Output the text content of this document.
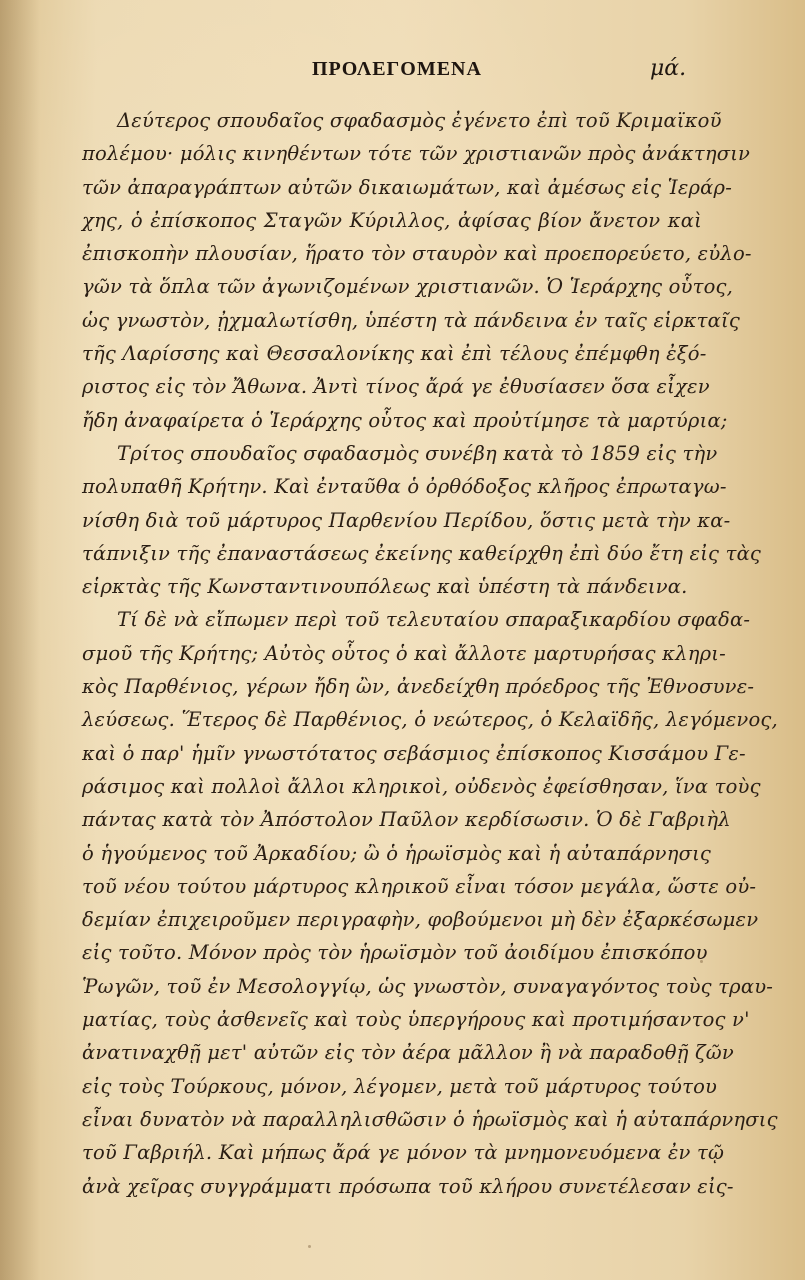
ΠΡΟΛΕΓΟΜΕΝΑ	μά.
Δεύτερος σπουδαῖος σφαδασμὸς ἐγένετο ἐπὶ τοῦ Κριμαϊκοῦ
πολέμου· μόλις κινηθέντων τότε τῶν χριστιανῶν πρὸς ἀνάκτησιν
τῶν ἀπαραγράπτων αὐτῶν δικαιωμάτων, καὶ ἀμέσως εἰς Ἱεράρ-
χης, ὁ ἐπίσκοπος Σταγῶν Κύριλλος, ἀφίσας βίον ἄνετον καὶ
ἐπισκοπὴν πλουσίαν, ἥρατο τὸν σταυρὸν καὶ προεπορεύετο, εὐλο-
γῶν τὰ ὅπλα τῶν ἀγωνιζομένων χριστιανῶν. Ὁ Ἱεράρχης οὗτος,
ὡς γνωστὸν, ᾐχμαλωτίσθη, ὑπέστη τὰ πάνδεινα ἐν ταῖς εἱρκταῖς
τῆς Λαρίσσης καὶ Θεσσαλονίκης καὶ ἐπὶ τέλους ἐπέμφθη ἐξό-
ριστος εἰς τὸν Ἄθωνα. Ἀντὶ τίνος ἄρά γε ἐθυσίασεν ὅσα εἶχεν
ἤδη ἀναφαίρετα ὁ Ἱεράρχης οὗτος καὶ προὐτίμησε τὰ μαρτύρια;
Τρίτος σπουδαῖος σφαδασμὸς συνέβη κατὰ τὸ 1859 εἰς τὴν
πολυπαθῆ Κρήτην. Καὶ ἐνταῦθα ὁ ὀρθόδοξος κλῆρος ἐπρωταγω-
νίσθη διὰ τοῦ μάρτυρος Παρθενίου Περίδου, ὅστις μετὰ τὴν κα-
τάπνιξιν τῆς ἐπαναστάσεως ἐκείνης καθείρχθη ἐπὶ δύο ἔτη εἰς τὰς
εἱρκτὰς τῆς Κωνσταντινουπόλεως καὶ ὑπέστη τὰ πάνδεινα.
Τί δὲ νὰ εἴπωμεν περὶ τοῦ τελευταίου σπαραξικαρδίου σφαδα-
σμοῦ τῆς Κρήτης; Αὐτὸς οὗτος ὁ καὶ ἄλλοτε μαρτυρήσας κληρι-
κὸς Παρθένιος, γέρων ἤδη ὢν, ἀνεδείχθη πρόεδρος τῆς Ἐθνοσυνε-
λεύσεως. Ἕτερος δὲ Παρθένιος, ὁ νεώτερος, ὁ Κελαϊδῆς, λεγόμενος,
καὶ ὁ παρ' ἡμῖν γνωστότατος σεβάσμιος ἐπίσκοπος Κισσάμου Γε-
ράσιμος καὶ πολλοὶ ἄλλοι κληρικοὶ, οὐδενὸς ἐφείσθησαν, ἵνα τοὺς
πάντας κατὰ τὸν Ἀπόστολον Παῦλον κερδίσωσιν. Ὁ δὲ Γαβριὴλ
ὁ ἡγούμενος τοῦ Ἀρκαδίου; ὢ ὁ ἡρωϊσμὸς καὶ ἡ αὐταπάρνησις
τοῦ νέου τούτου μάρτυρος κληρικοῦ εἶναι τόσον μεγάλα, ὥστε οὐ-
δεμίαν ἐπιχειροῦμεν περιγραφὴν, φοβούμενοι μὴ δὲν ἐξαρκέσωμεν
εἰς τοῦτο. Μόνον πρὸς τὸν ἡρωϊσμὸν τοῦ ἀοιδίμου ἐπισκόπου
Ῥωγῶν, τοῦ ἐν Μεσολογγίῳ, ὡς γνωστὸν, συναγαγόντος τοὺς τραυ-
ματίας, τοὺς ἀσθενεῖς καὶ τοὺς ὑπεργήρους καὶ προτιμήσαντος ν'
ἀνατιναχθῇ μετ' αὐτῶν εἰς τὸν ἀέρα μᾶλλον ἢ νὰ παραδοθῇ ζῶν
εἰς τοὺς Τούρκους, μόνον, λέγομεν, μετὰ τοῦ μάρτυρος τούτου
εἶναι δυνατὸν νὰ παραλληλισθῶσιν ὁ ἡρωϊσμὸς καὶ ἡ αὐταπάρνησις
τοῦ Γαβριήλ. Καὶ μήπως ἄρά γε μόνον τὰ μνημονευόμενα ἐν τῷ
ἀνὰ χεῖρας συγγράμματι πρόσωπα τοῦ κλήρου συνετέλεσαν εἰς-
